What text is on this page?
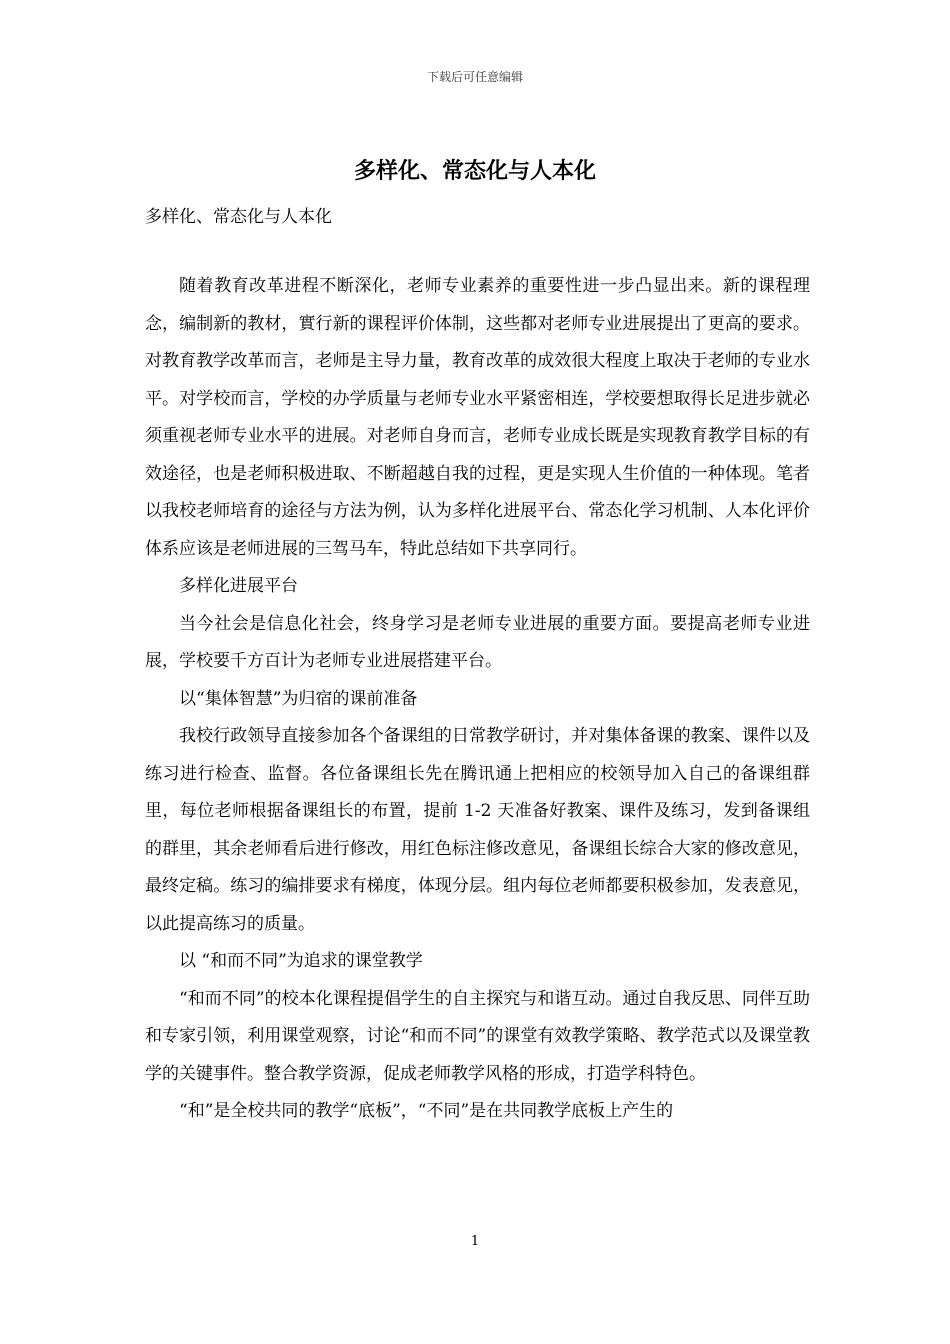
下载后可任意编辑
多样化、常态化与人本化

多样化、常态化与人本化

随着教育改革进程不断深化，老师专业素养的重要性进一步凸显出来。新的课程理念，编制新的教材，實行新的课程评价体制，这些都对老师专业进展提出了更高的要求。对教育教学改革而言，老师是主导力量，教育改革的成效很大程度上取决于老师的专业水平。对学校而言，学校的办学质量与老师专业水平紧密相连，学校要想取得长足进步就必须重视老师专业水平的进展。对老师自身而言，老师专业成长既是实现教育教学目标的有效途径，也是老师积极进取、不断超越自我的过程，更是实现人生价值的一种体现。笔者以我校老师培育的途径与方法为例，认为多样化进展平台、常态化学习机制、人本化评价体系应该是老师进展的三驾马车，特此总结如下共享同行。

多样化进展平台

当今社会是信息化社会，终身学习是老师专业进展的重要方面。要提高老师专业进展，学校要千方百计为老师专业进展搭建平台。

以“集体智慧”为归宿的课前准备

我校行政领导直接参加各个备课组的日常教学研讨，并对集体备课的教案、课件以及练习进行检查、监督。各位备课组长先在腾讯通上把相应的校领导加入自己的备课组群里，每位老师根据备课组长的布置，提前 1-2 天准备好教案、课件及练习，发到备课组的群里，其余老师看后进行修改，用红色标注修改意见，备课组长综合大家的修改意见，最终定稿。练习的编排要求有梯度，体现分层。组内每位老师都要积极参加，发表意见，以此提高练习的质量。

以 “和而不同”为追求的课堂教学

“和而不同”的校本化课程提倡学生的自主探究与和谐互动。通过自我反思、同伴互助和专家引领，利用课堂观察，讨论“和而不同”的课堂有效教学策略、教学范式以及课堂教学的关键事件。整合教学资源，促成老师教学风格的形成，打造学科特色。

“和”是全校共同的教学“底板”，“不同”是在共同教学底板上产生的

1
